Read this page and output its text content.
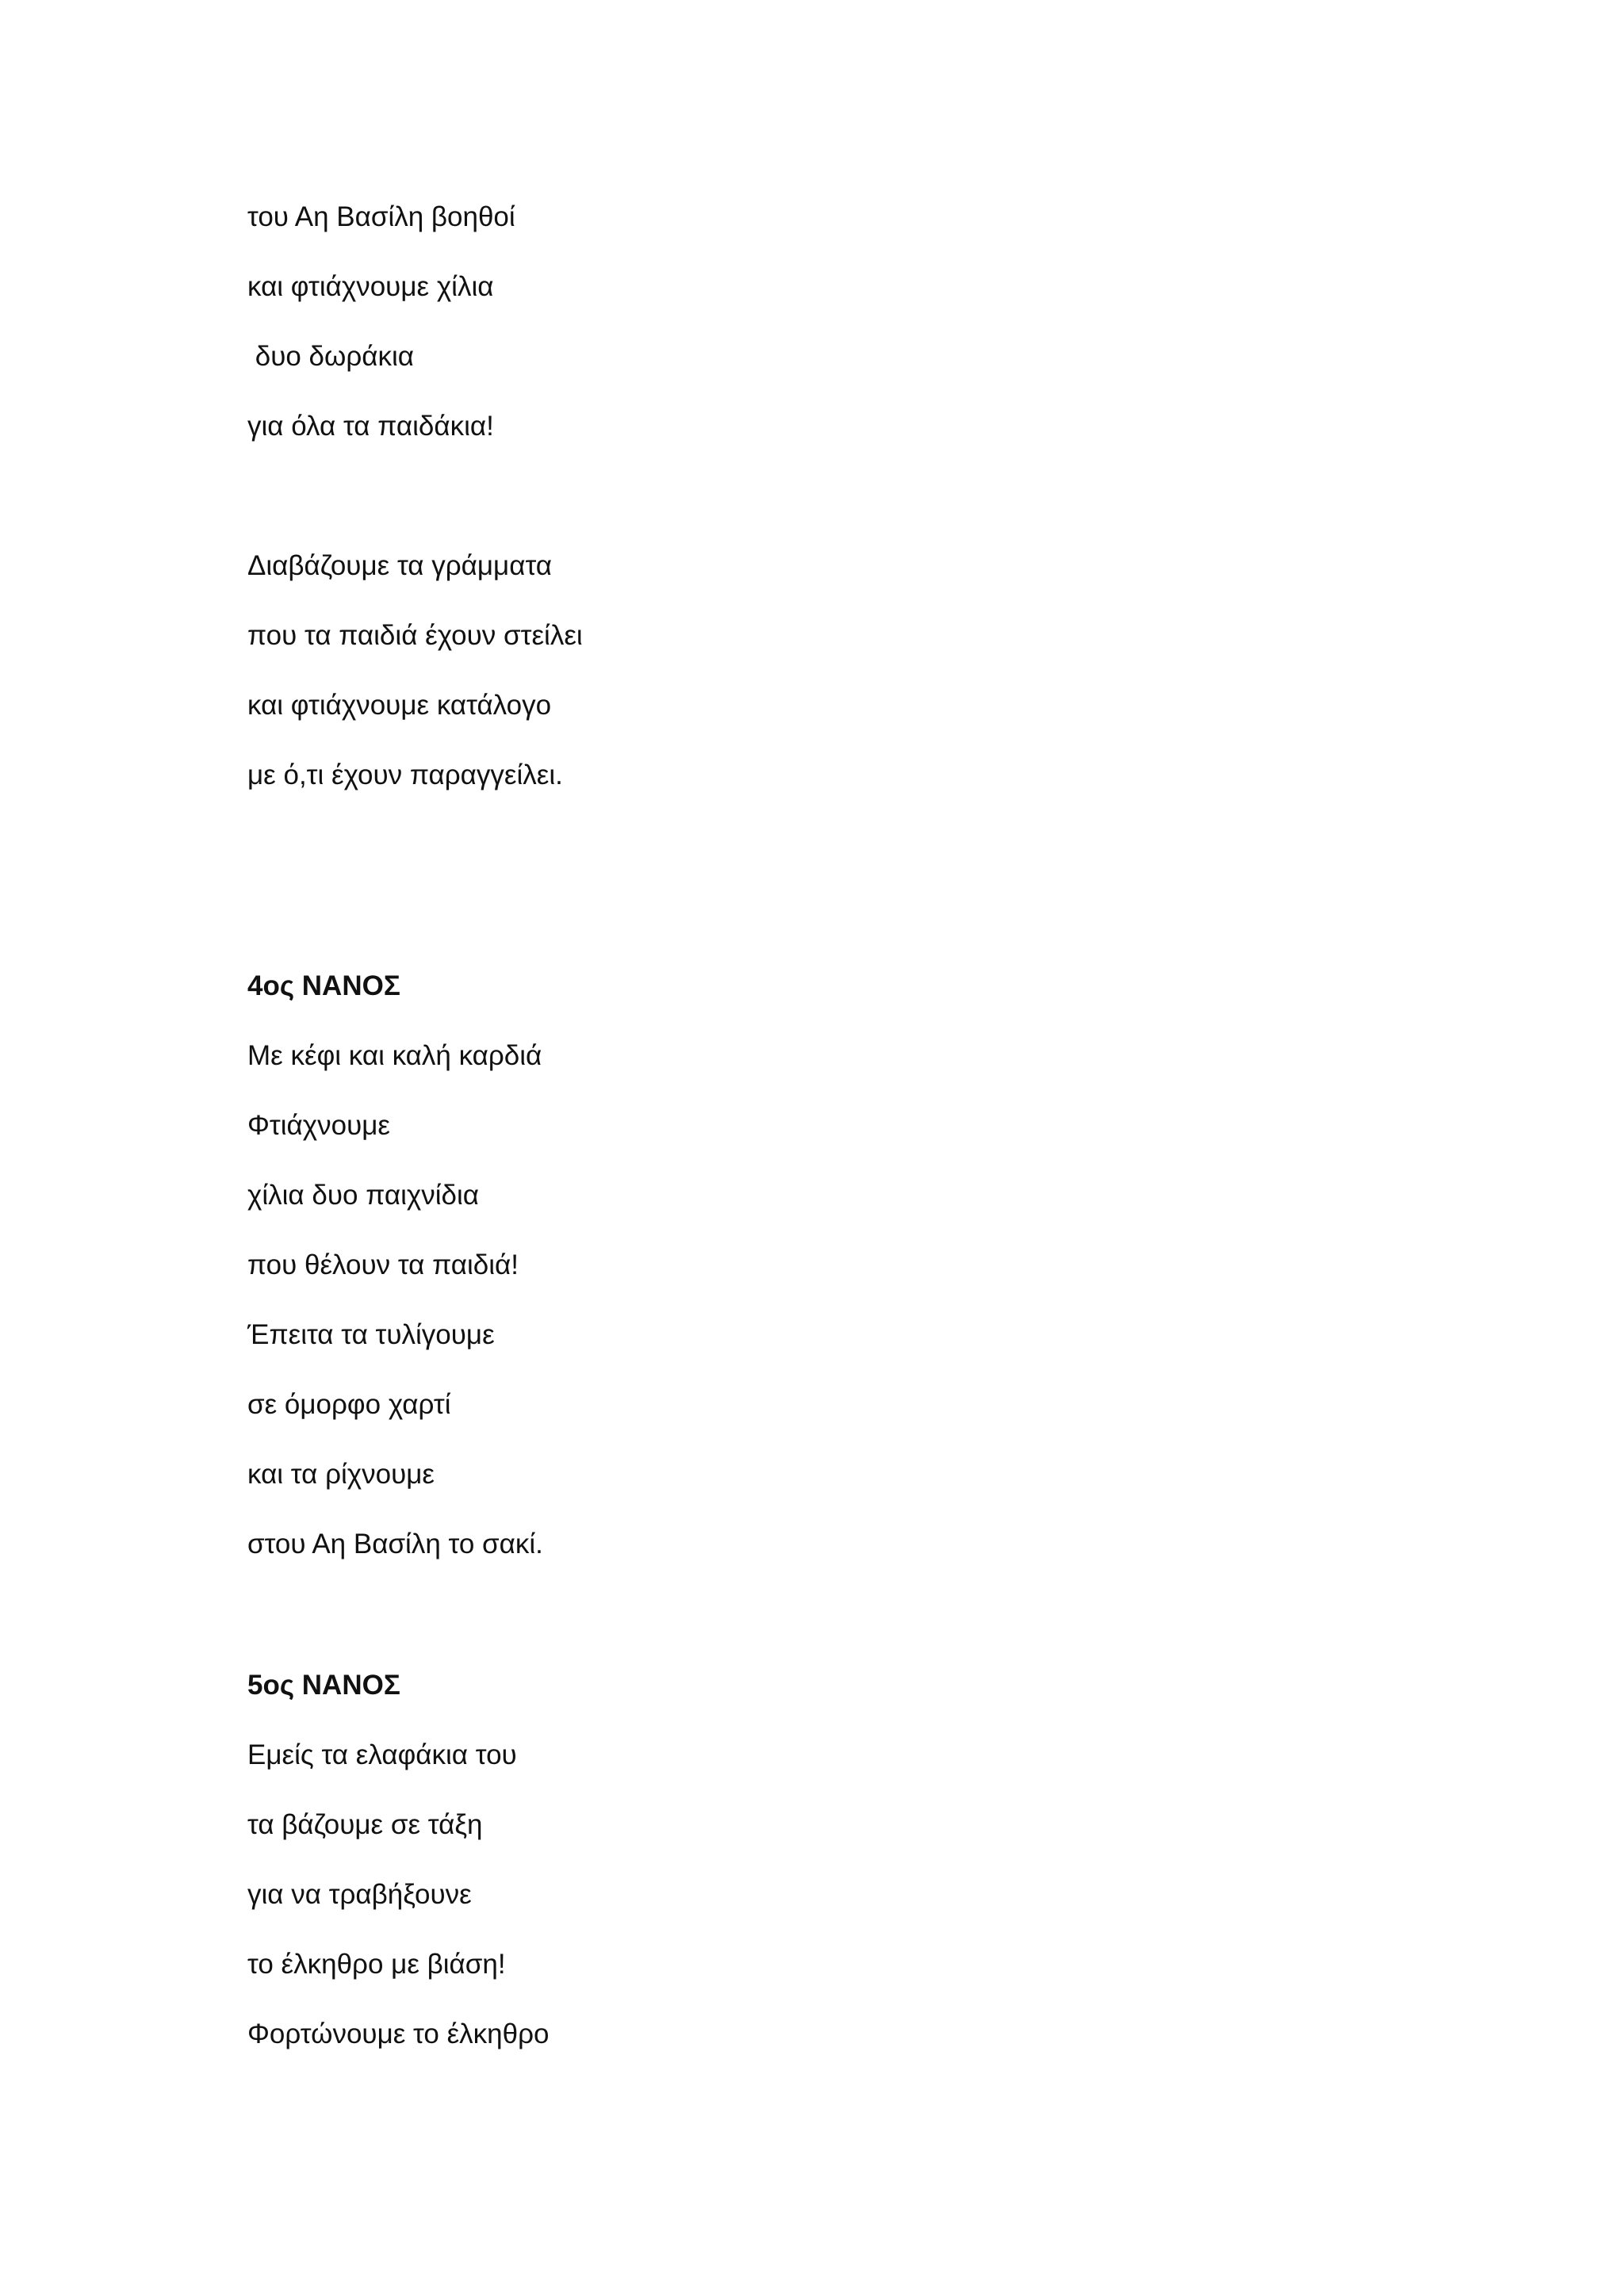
του Αη Βασίλη βοηθοί
και φτιάχνουμε χίλια
δυο δωράκια
για όλα τα παιδάκια!
Διαβάζουμε τα γράμματα
που τα παιδιά έχουν στείλει
και φτιάχνουμε κατάλογο
με ό,τι έχουν παραγγείλει.
4ος ΝΑΝΟΣ
Με κέφι και καλή καρδιά
Φτιάχνουμε
χίλια δυο παιχνίδια
που θέλουν τα παιδιά!
Έπειτα τα τυλίγουμε
σε όμορφο χαρτί
και τα ρίχνουμε
στου Αη Βασίλη το σακί.
5ος ΝΑΝΟΣ
Εμείς τα ελαφάκια του
τα βάζουμε σε τάξη
για να τραβήξουνε
το έλκηθρο με βιάση!
Φορτώνουμε το έλκηθρο
